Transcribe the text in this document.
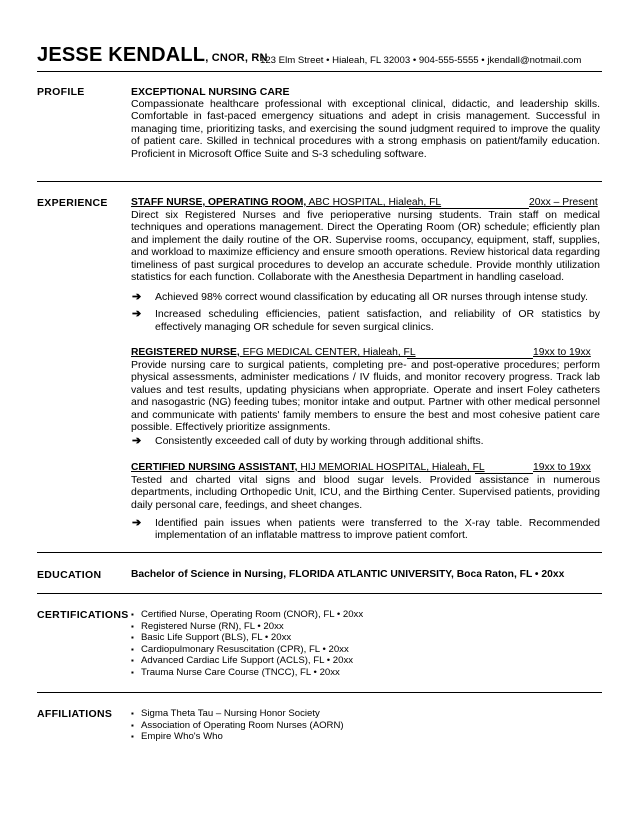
JESSE KENDALL, CNOR, RN
123 Elm Street • Hialeah, FL 32003 • 904-555-5555 • jkendall@notmail.com
PROFILE	EXCEPTIONAL NURSING CARE
Compassionate healthcare professional with exceptional clinical, didactic, and leadership skills. Comfortable in fast-paced emergency situations and adept in crisis management. Successful in managing time, prioritizing tasks, and exercising the sound judgment required to improve the quality of patient care. Skilled in technical procedures with a strong emphasis on patient/family education. Proficient in Microsoft Office Suite and S-3 scheduling software.
EXPERIENCE STAFF NURSE, OPERATING ROOM, ABC HOSPITAL, Hialeah, FL	20xx – Present
Direct six Registered Nurses and five perioperative nursing students. Train staff on medical techniques and operations management. Direct the Operating Room (OR) schedule; efficiently plan and implement the daily routine of the OR. Supervise rooms, occupancy, equipment, staff, supplies, and workload to maximize efficiency and ensure smooth operations. Review historical data regarding timeliness of past surgical procedures to develop an accurate schedule. Provide monthly utilization statistics for each function. Collaborate with the Anesthesia Department in handling caseload.
➔ Achieved 98% correct wound classification by educating all OR nurses through intense study.
➔ Increased scheduling efficiencies, patient satisfaction, and reliability of OR statistics by effectively managing OR schedule for seven surgical clinics.
REGISTERED NURSE, EFG MEDICAL CENTER, Hialeah, FL	19xx to 19xx
Provide nursing care to surgical patients, completing pre- and post-operative procedures; perform physical assessments, administer medications / IV fluids, and monitor recovery progress. Track lab values and test results, updating physicians when appropriate. Operate and insert Foley catheters and nasogastric (NG) feeding tubes; monitor intake and output. Partner with other medical personnel and communicate with patients' family members to ensure the best and most cohesive patient care possible. Effectively prioritize assignments.
➔ Consistently exceeded call of duty by working through additional shifts.
CERTIFIED NURSING ASSISTANT, HIJ MEMORIAL HOSPITAL, Hialeah, FL	19xx to 19xx
Tested and charted vital signs and blood sugar levels. Provided assistance in numerous departments, including Orthopedic Unit, ICU, and the Birthing Center. Supervised patients, providing daily personal care, feedings, and sheet changes.
➔ Identified pain issues when patients were transferred to the X-ray table. Recommended implementation of an inflatable mattress to improve patient comfort.
EDUCATION	Bachelor of Science in Nursing, FLORIDA ATLANTIC UNIVERSITY, Boca Raton, FL • 20xx
CERTIFICATIONS ▪ Certified Nurse, Operating Room (CNOR), FL • 20xx
▪ Registered Nurse (RN), FL • 20xx
▪ Basic Life Support (BLS), FL • 20xx
▪ Cardiopulmonary Resuscitation (CPR), FL • 20xx
▪ Advanced Cardiac Life Support (ACLS), FL • 20xx
▪ Trauma Nurse Care Course (TNCC), FL • 20xx
AFFILIATIONS ▪ Sigma Theta Tau – Nursing Honor Society
▪ Association of Operating Room Nurses (AORN)
▪ Empire Who's Who
